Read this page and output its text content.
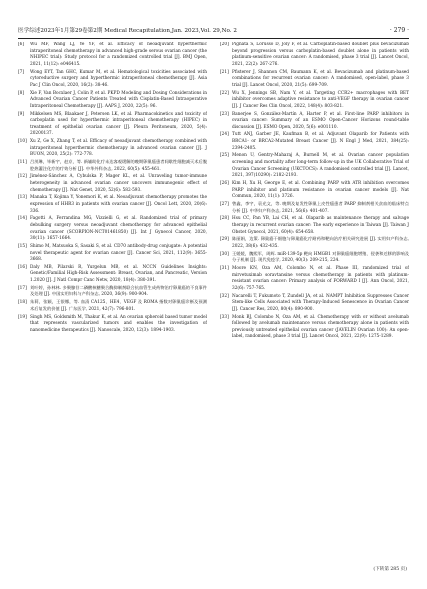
医学综述2023年1月第29卷第2期 Medical Recapitulation,Jan. 2023,Vol. 29,No. 2	· 279 ·
[6] Wu MF, Wang LJ, Ye YF, et al. Efficacy of neoadjuvant hyperthermic intraperitoneal chemotherapy in advanced high-grade serous ovarian cancer (the NHIPEC trial): Study protocol for a randomized controlled trial [J]. BMJ Open, 2021, 11(12): e046415.
[7] Wong EYT, Tan GHC, Kumar M, et al. Hematological toxicities associated with cytoreductive surgery and hyperthermic intraperitoneal chemotherapy [J]. Asia Pac J Clin Oncol, 2020, 16(2): 38-46.
[8] Xie F, Van Bocxlaer J, Colin P, et al. PKPD Modeling and Dosing Considerations in Advanced Ovarian Cancer Patients Treated with Cisplatin-Based Intraoperative Intraperitoneal Chemotherapy [J]. AAPS J, 2020, 22(5): 96.
[9] Mikkelsen MS, Blaakaer J, Petersen LK, et al. Pharmacokinetics and toxicity of carboplatin used for hyperthermic intraperitoneal chemotherapy (HIPEC) in treatment of epithelial ovarian cancer [J]. Pleura Peritoneum, 2020, 5(4): 20200137.
[10] Xu Z, Ge X, Zhang T, et al. Efficacy of neoadjuvant chemotherapy combined with intraperitoneal hyperthermic chemotherapy in advanced ovarian cancer [J]. J BUON, 2020, 25(2): 772-778.
[11] 吕茂琳，毕新宇，赵京，等. 新辅助化疗未达客观缓解的晚期卵巢癌患者间歇性细胞减灭术后腹腔热灌注化疗的疗效分析 [J]. 中华外科杂志, 2022, 60(5): 455-461.
[12] Jiménez-Sánchez A, Cybulska P, Mager KL, et al. Unraveling tumor-immune heterogeneity in advanced ovarian cancer uncovers immunogenic effect of chemotherapy [J]. Nat Genet, 2020, 52(6): 582-593.
[13] Manaka T, Kojima Y, Yonemori K, et al. Neoadjuvant chemotherapy promotes the expression of HHR3 in patients with ovarian cancer [J]. Oncol Lett, 2020, 20(6): 336.
[14] Fagotti A, Ferrandina MG, Vizzielli G, et al. Randomized trial of primary debulking surgery versus neoadjuvant chemotherapy for advanced epithelial ovarian cancer (SCORPION-NCT01461850) [J]. Int J Gynecol Cancer, 2020, 30(11): 1657-1664.
[15] Shimo M, Matsuoka S, Sasaki S, et al. CD70 antibody-drug conjugate: A potential novel therapeutic agent for ovarian cancer [J]. Cancer Sci, 2021, 112(9): 3655-3668.
[16] Daly MB, Pilarski R, Yurgelun MB, et al. NCCN Guidelines Insights: Genetic/Familial High-Risk Assessment: Breast, Ovarian, and Pancreatic, Version 1.2020 [J]. J Natl Compr Canc Netw, 2020, 18(4): 380-391.
[17] 刘叶婷，孙林林. 多聚腺苷二磷酸核糖聚合酶抑制剂联合抗血管生成药物治疗卵巢癌的不良事件及处理 [J]. 中国实用妇科与产科杂志, 2020, 36(9): 900-904.
[18] 朱莉，张颖，王银娜，等. 血清 CA125、HE4、VEGF 及 ROMA 指数对卵巢癌诊断及预测术后复发的价值 [J]. 广东医学, 2021, 42(7): 796-801.
[19] Singh MS, Goldsmith M, Thakur K, et al. An ovarian spheroid based tumor model that represents vascularized tumors and enables the investigation of nanomedicine therapeutics [J]. Nanoscale, 2020, 12(3): 1894-1903.
[20] Pignata S, Lorusso D, Joly F, et al. Carboplatin-based doublet plus bevacizumab beyond progression versus carboplatin-based doublet alone in patients with platinum-sensitive ovarian cancer: A randomised, phase 3 trial [J]. Lancet Oncol, 2021, 22(2): 267-276.
[21] Pfisterer J, Shannon CM, Baumann K, et al. Bevacizumab and platinum-based combinations for recurrent ovarian cancer: A randomised, open-label, phase 3 trial [J]. Lancet Oncol, 2020, 21(5): 699-709.
[22] Wu X, Jennings SB, Nam Y, et al. Targeting CCR2+ macrophages with BET inhibitor overcomes adaptive resistance to anti-VEGF therapy in ovarian cancer [J]. J Cancer Res Clin Oncol, 2022, 148(4): 803-821.
[23] Banerjee S, González-Martín A, Harter P, et al. First-line PARP inhibitors in ovarian cancer: Summary of an ESMO Open-Cancer Horizons round-table discussion [J]. ESMO Open, 2020, 5(6): e001110.
[24] Tutt ANJ, Garber JE, Kaufman B, et al. Adjuvant Olaparib for Patients with BRCA1- or BRCA2-Mutated Breast Cancer [J]. N Engl J Med, 2021, 384(25): 2394-2405.
[25] Menon U, Gentry-Maharaj A, Burnell M, et al. Ovarian cancer population screening and mortality after long-term follow-up in the UK Collaborative Trial of Ovarian Cancer Screening (UKCTOCS): A randomised controlled trial [J]. Lancet, 2021, 397(10290): 2182-2193.
[26] Kim H, Xu H, George E, et al. Combining PARP with ATR inhibition overcomes PARP inhibitor and platinum resistance in ovarian cancer models [J]. Nat Commun, 2020, 11(1): 3726.
[27] 曾鑫，李宇，袁光文，等. 晚期及复发性卵巢上皮性癌患者 PARP 抑制剂相关贫血的临床特点分析 [J]. 中华妇产科杂志, 2021, 56(6): 401-407.
[28] Hsu CC, Pan YB, Lai CH, et al. Olaparib as maintenance therapy and salvage therapy in recurrent ovarian cancer: The early experience in Taiwan [J]. Taiwan J Obstet Gynecol, 2021, 60(4): 654-658.
[29] 陈丽娟，边策. 卵巢癌干细胞与卵巢癌化疗耐药和靶向治疗相关研究进展 [J]. 实用妇产科杂志, 2022, 38(6): 432-435.
[30] 王媛媛，魏熙军，周辉. miR-139-5p 靶向 HMGB1 对卵巢癌细胞增殖、侵袭和迁移的影响及分子机制 [J]. 现代免疫学, 2020, 40(3): 209-215, 224.
[31] Moore KN, Oza AM, Colombo N, et al. Phase III, randomized trial of mirvetuximab soravtansine versus chemotherapy in patients with platinum-resistant ovarian cancer: Primary analysis of FORWARD I [J]. Ann Oncol, 2021, 32(6): 757-765.
[32] Nacarelli T, Fukumoto T, Zundell JA, et al. NAMPT Inhibition Suppresses Cancer Stem-like Cells Associated with Therapy-Induced Senescence in Ovarian Cancer [J]. Cancer Res, 2020, 80(4): 890-900.
[33] Monk BJ, Colombo N, Oza AM, et al. Chemotherapy with or without avelumab followed by avelumab maintenance versus chemotherapy alone in patients with previously untreated epithelial ovarian cancer (JAVELIN Ovarian 100): An open-label, randomised, phase 3 trial [J]. Lancet Oncol, 2021, 22(9): 1275-1289.
(下转第 285 页)
